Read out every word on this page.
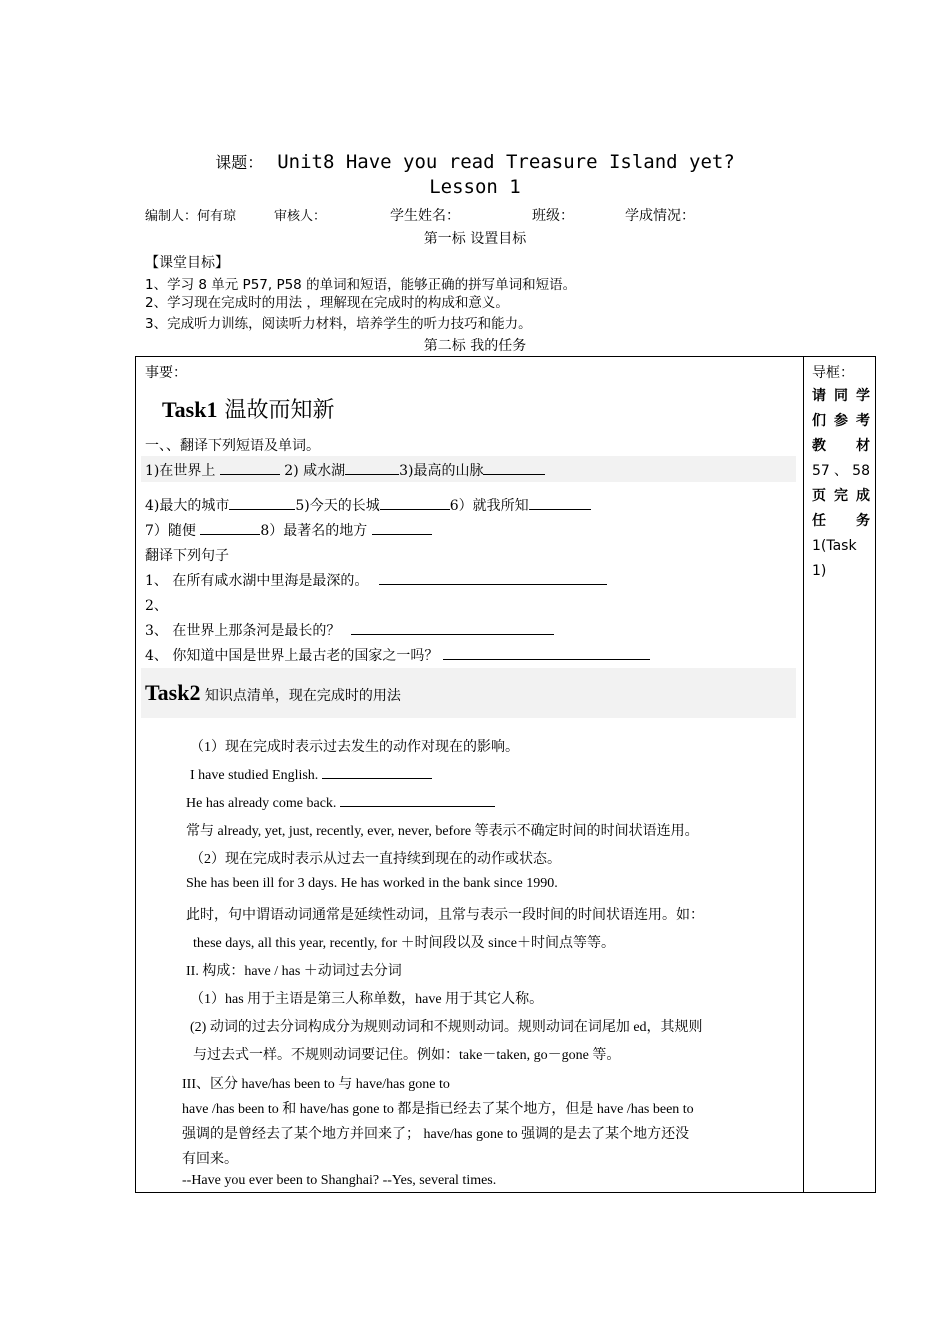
课题： Unit8 Have you read Treasure Island yet?
Lesson 1
编制人：何有琼	审核人：	学生姓名：	班级：	学成情况：
第一标 设置目标
【课堂目标】
1、学习 8 单元 P57, P58 的单词和短语，能够正确的拼写单词和短语。
2、学习现在完成时的用法 ，理解现在完成时的构成和意义。
3、完成听力训练，阅读听力材料，培养学生的听力技巧和能力。
第二标 我的任务
事要：
Task1 温故而知新
一、、翻译下列短语及单词。
1)在世界上	2) 咸水湖	3)最高的山脉
4)最大的城市	5)今天的长城	6）就我所知
7）随便	8）最著名的地方
翻译下列句子
1、 在所有咸水湖中里海是最深的。
2、
3、 在世界上那条河是最长的？
4、 你知道中国是世界上最古老的国家之一吗？
Task2 知识点清单，现在完成时的用法
（1）现在完成时表示过去发生的动作对现在的影响。
I have studied English.
He has already come back.
常与 already, yet, just, recently, ever, never, before 等表示不确定时间的时间状语连用。
（2）现在完成时表示从过去一直持续到现在的动作或状态。
She has been ill for 3 days. He has worked in the bank since 1990.
此时，句中谓语动词通常是延续性动词，且常与表示一段时间的时间状语连用。如：
these days, all this year, recently, for ＋时间段以及 since＋时间点等等。
II. 构成：have / has ＋动词过去分词
（1）has 用于主语是第三人称单数，have 用于其它人称。
(2) 动词的过去分词构成分为规则动词和不规则动词。规则动词在词尾加 ed，其规则
与过去式一样。不规则动词要记住。例如：take－taken, go－gone 等。
III、区分 have/has been to 与 have/has gone to
have /has been to 和 have/has gone to 都是指已经去了某个地方，但是 have /has been to
强调的是曾经去了某个地方并回来了； have/has gone to 强调的是去了某个地方还没
有回来。
--Have you ever been to Shanghai? --Yes, several times.
导框：
请同学
们参考
教 材
57、58
页完成
任 务
1(Task
1)
